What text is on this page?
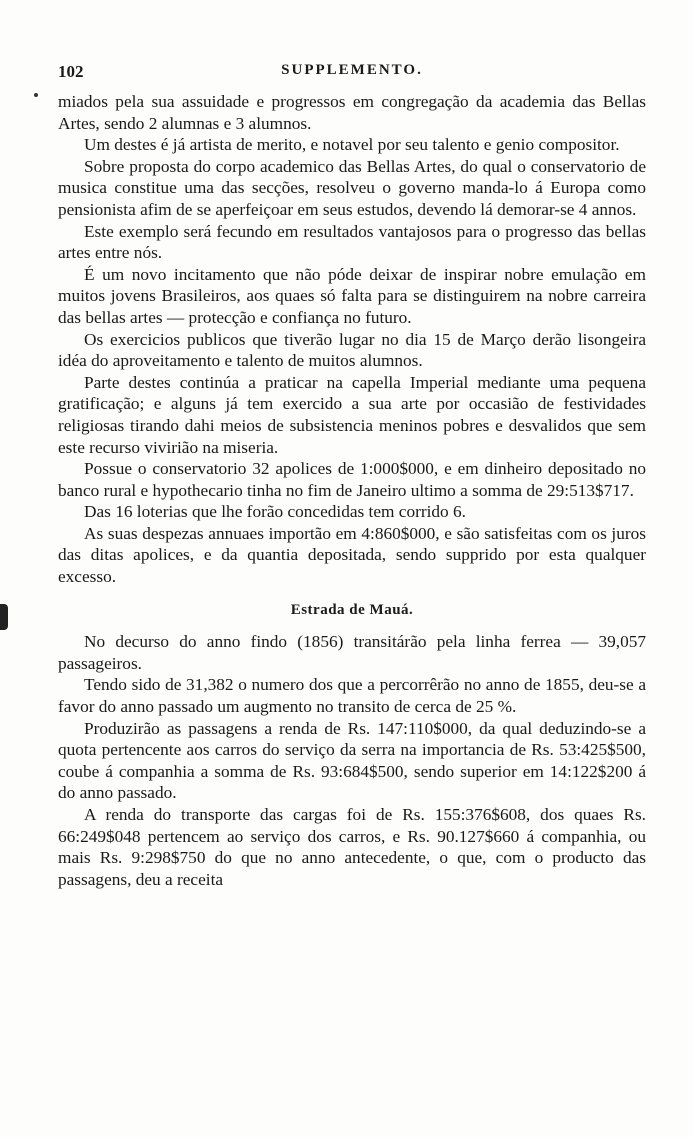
102	SUPPLEMENTO.

miados pela sua assuidade e progressos em congregação da academia das Bellas Artes, sendo 2 alumnas e 3 alumnos.

Um destes é já artista de merito, e notavel por seu talento e genio compositor.

Sobre proposta do corpo academico das Bellas Artes, do qual o conservatorio de musica constitue uma das secções, resolveu o governo manda-lo á Europa como pensionista afim de se aperfeiçoar em seus estudos, devendo lá demorar-se 4 annos.

Este exemplo será fecundo em resultados vantajosos para o progresso das bellas artes entre nós.

É um novo incitamento que não póde deixar de inspirar nobre emulação em muitos jovens Brasileiros, aos quaes só falta para se distinguirem na nobre carreira das bellas artes — protecção e confiança no futuro.

Os exercicios publicos que tiverão lugar no dia 15 de Março derão lisongeira idéa do aproveitamento e talento de muitos alumnos.

Parte destes continúa a praticar na capella Imperial mediante uma pequena gratificação; e alguns já tem exercido a sua arte por occasião de festividades religiosas tirando dahi meios de subsistencia meninos pobres e desvalidos que sem este recurso vivirião na miseria.

Possue o conservatorio 32 apolices de 1:000$000, e em dinheiro depositado no banco rural e hypothecario tinha no fim de Janeiro ultimo a somma de 29:513$717.

Das 16 loterias que lhe forão concedidas tem corrido 6.

As suas despezas annuaes importão em 4:860$000, e são satisfeitas com os juros das ditas apolices, e da quantia depositada, sendo supprido por esta qualquer excesso.

Estrada de Mauá.

No decurso do anno findo (1856) transitárão pela linha ferrea — 39,057 passageiros.

Tendo sido de 31,382 o numero dos que a percorrêrão no anno de 1855, deu-se a favor do anno passado um augmento no transito de cerca de 25 %.

Produzirão as passagens a renda de Rs. 147:110$000, da qual deduzindo-se a quota pertencente aos carros do serviço da serra na importancia de Rs. 53:425$500, coube á companhia a somma de Rs. 93:684$500, sendo superior em 14:122$200 á do anno passado.

A renda do transporte das cargas foi de Rs. 155:376$608, dos quaes Rs. 66:249$048 pertencem ao serviço dos carros, e Rs. 90.127$660 á companhia, ou mais Rs. 9:298$750 do que no anno antecedente, o que, com o producto das passagens, deu a receita
